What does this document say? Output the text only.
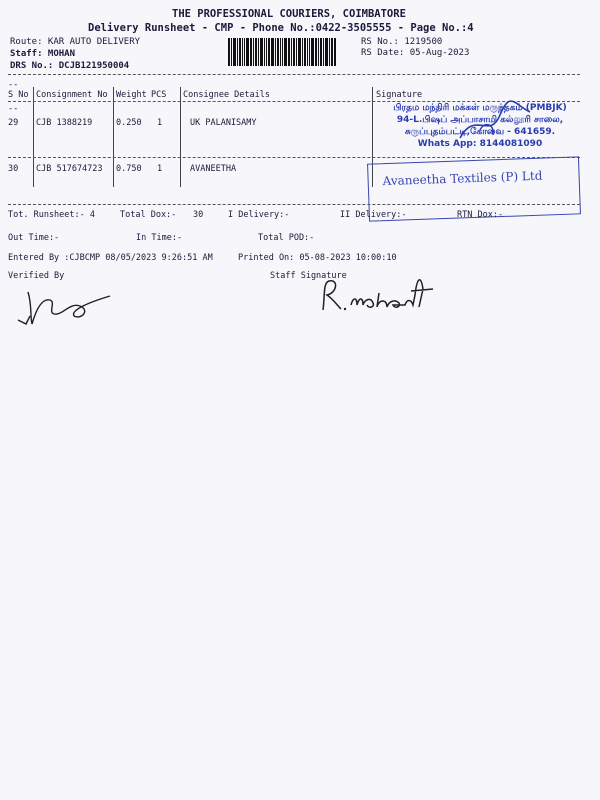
THE PROFESSIONAL COURIERS, COIMBATORE
Delivery Runsheet - CMP - Phone No.:0422-3505555 - Page No.:4
Route: KAR AUTO DELIVERY
Staff: MOHAN
DRS No.: DCJB121950004
RS No.: 1219500
RS Date: 05-Aug-2023
--
S No Consignment No Weight PCS Consignee Details	Signature
--
29 CJB 1388219	0.250 1	UK PALANISAMY
30 CJB 517674723 0.750 1	AVANEETHA
பிரதம மந்திரி மக்கள் மருந்தகம் (PMBJK)
94-L.பிஷப் அப்பாசாமி கல்லூரி சாலை,
சுருப்புதம்பட்டி,கோவை - 641659.
Whats App: 8144081090
Avaneetha Textiles (P) Ltd
Tot. Runsheet:- 4	Total Dox:- 30	I Delivery:-	II Delivery:-	RTN Dox:-
Out Time:-	In Time:-	Total POD:-
Entered By :CJBCMP 08/05/2023 9:26:51 AM	Printed On: 05-08-2023 10:00:10
Verified By	Staff Signature
